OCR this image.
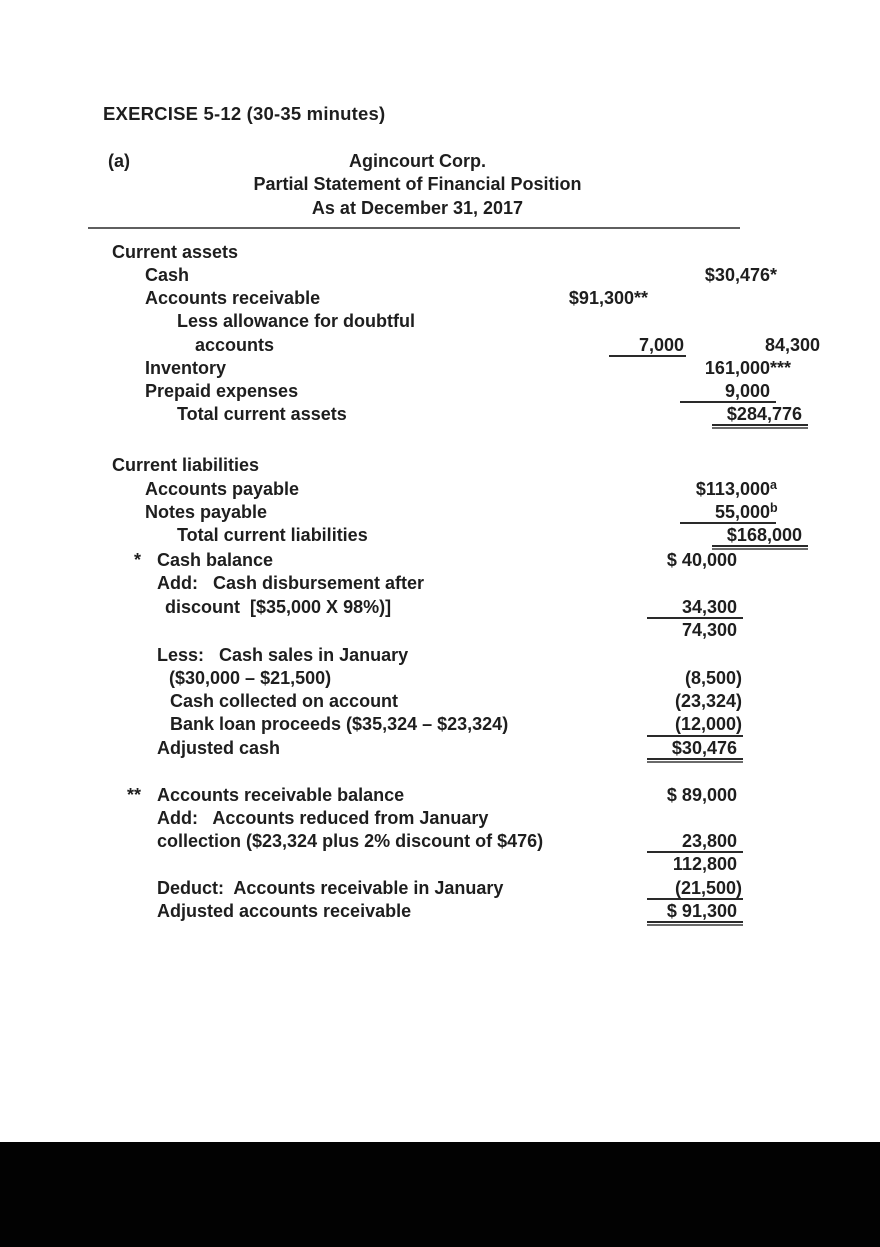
EXERCISE 5-12 (30-35 minutes)
(a)	Agincourt Corp.
Partial Statement of Financial Position
As at December 31, 2017
Current assets
Cash	$30,476 *
Accounts receivable	$91,300 **
Less allowance for doubtful
accounts	7,000	84,300
Inventory	161,000 ***
Prepaid expenses	9,000
Total current assets	$284,776
Current liabilities
Accounts payable	$113,000 a
Notes payable	55,000 b
Total current liabilities	$168,000
* Cash balance	$ 40,000
Add:   Cash disbursement after
discount  [$35,000 X 98%)]	34,300
74,300
Less:   Cash sales in January
($30,000 – $21,500)	(8,500)
Cash collected on account	(23,324)
Bank loan proceeds ($35,324 – $23,324)	(12,000)
Adjusted cash	$30,476
** Accounts receivable balance	$ 89,000
Add:   Accounts reduced from January
collection ($23,324 plus 2% discount of $476)	23,800
112,800
Deduct:  Accounts receivable in January	(21,500)
Adjusted accounts receivable	$ 91,300
